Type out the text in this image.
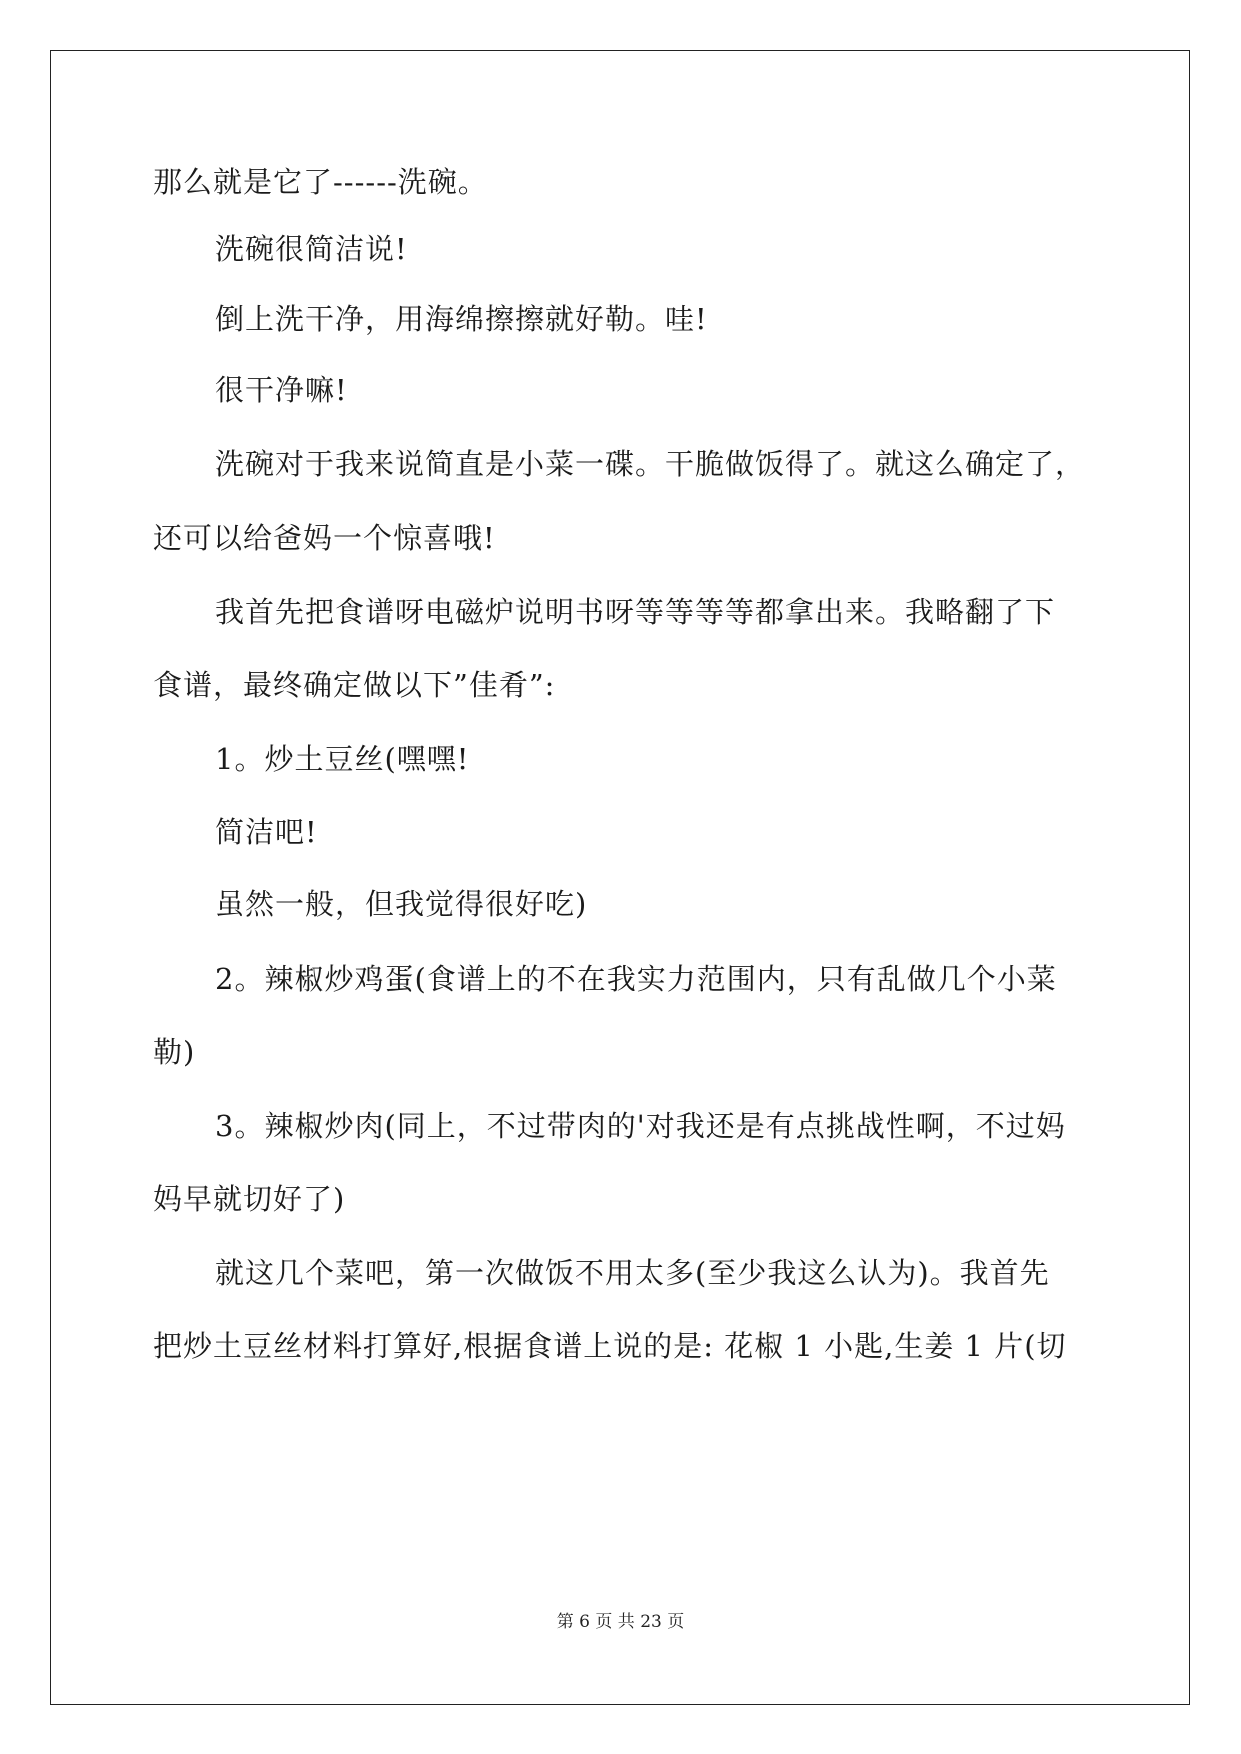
那么就是它了------洗碗。
洗碗很简洁说!
倒上洗干净，用海绵擦擦就好勒。哇!
很干净嘛!
洗碗对于我来说简直是小菜一碟。干脆做饭得了。就这么确定了，
还可以给爸妈一个惊喜哦!
我首先把食谱呀电磁炉说明书呀等等等等都拿出来。我略翻了下
食谱，最终确定做以下”佳肴”:
1。炒土豆丝(嘿嘿!
简洁吧!
虽然一般，但我觉得很好吃)
2。辣椒炒鸡蛋(食谱上的不在我实力范围内，只有乱做几个小菜
勒)
3。辣椒炒肉(同上，不过带肉的'对我还是有点挑战性啊，不过妈
妈早就切好了)
就这几个菜吧，第一次做饭不用太多(至少我这么认为)。我首先
把炒土豆丝材料打算好,根据食谱上说的是: 花椒 1 小匙,生姜 1 片(切
第 6 页 共 23 页
